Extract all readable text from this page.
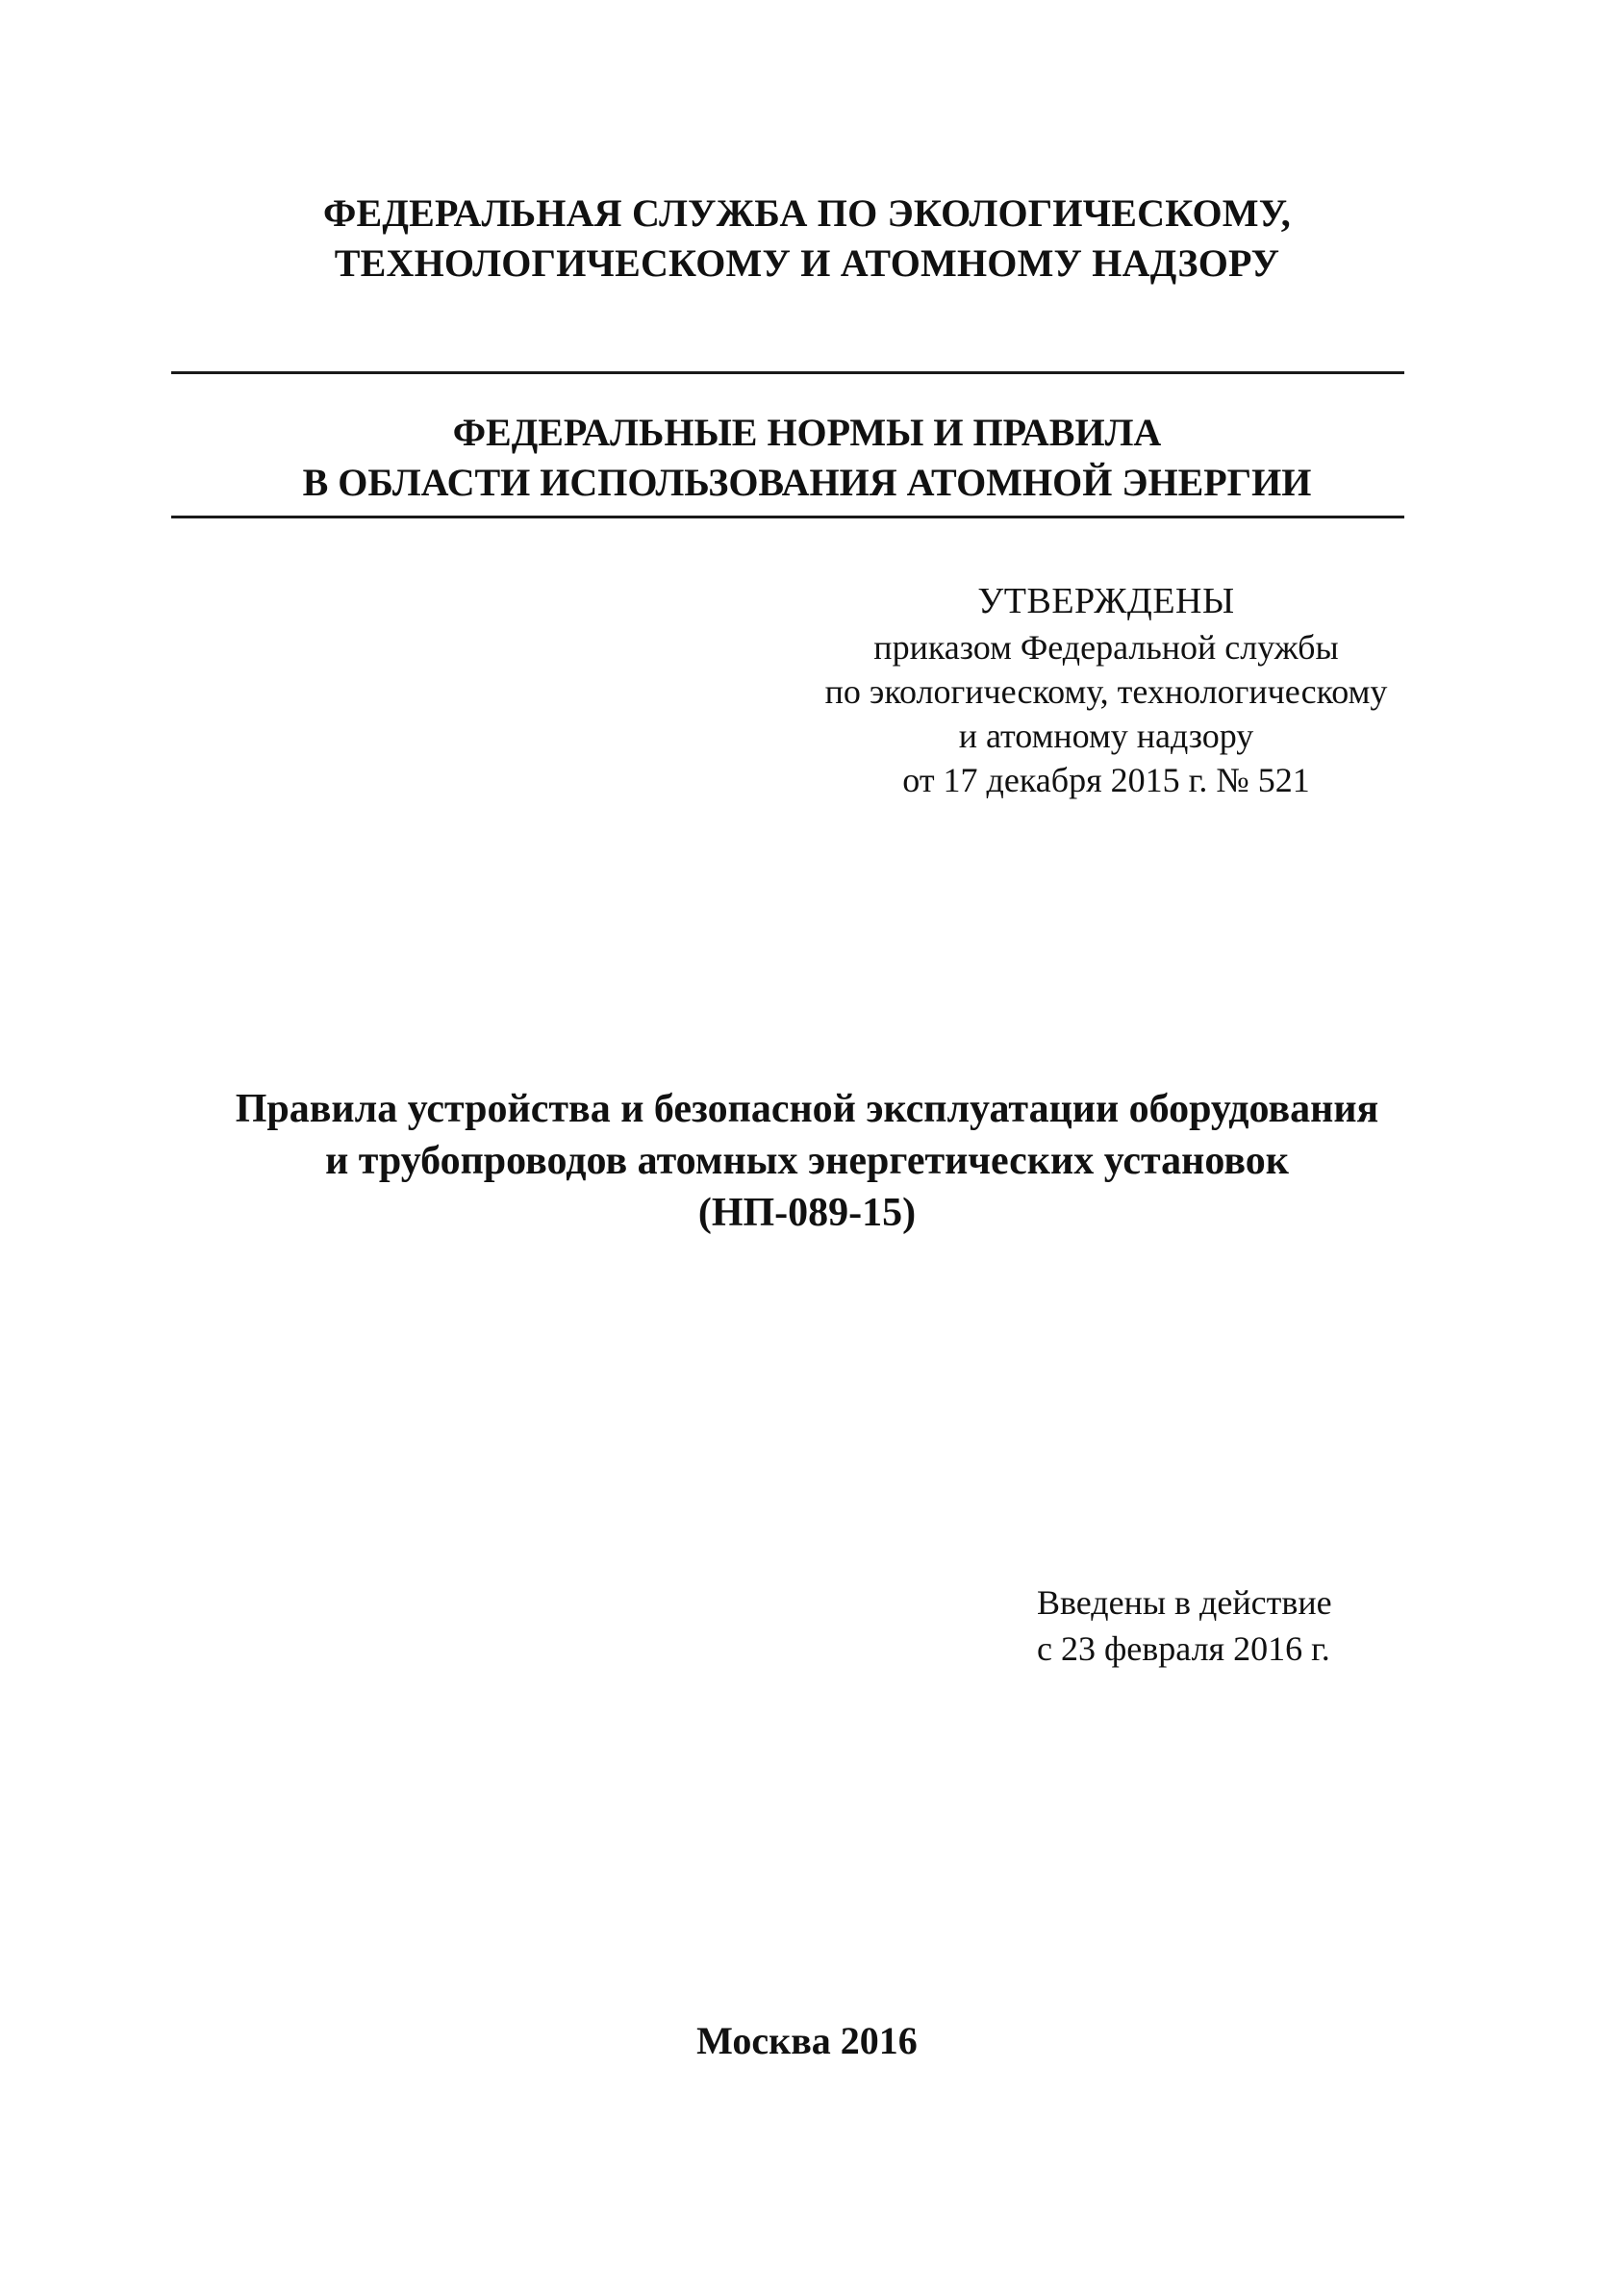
ФЕДЕРАЛЬНАЯ СЛУЖБА ПО ЭКОЛОГИЧЕСКОМУ,
ТЕХНОЛОГИЧЕСКОМУ И АТОМНОМУ НАДЗОРУ
ФЕДЕРАЛЬНЫЕ НОРМЫ И ПРАВИЛА
В ОБЛАСТИ ИСПОЛЬЗОВАНИЯ АТОМНОЙ ЭНЕРГИИ
УТВЕРЖДЕНЫ
приказом Федеральной службы
по экологическому, технологическому
и атомному надзору
от 17 декабря 2015 г. № 521
Правила устройства и безопасной эксплуатации оборудования
и трубопроводов атомных энергетических установок
(НП-089-15)
Введены в действие
с 23 февраля 2016 г.
Москва 2016
